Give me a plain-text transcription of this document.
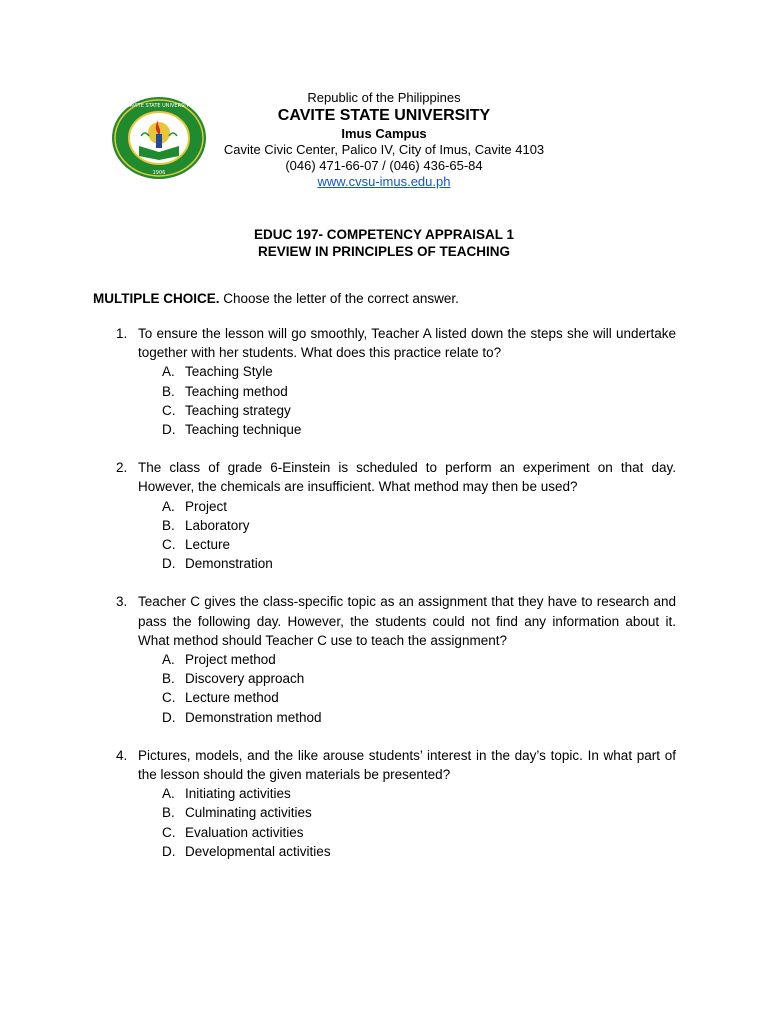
CAVITE STATE UNIVERSITY
1906
Republic of the Philippines
CAVITE STATE UNIVERSITY
Imus Campus
Cavite Civic Center, Palico IV, City of Imus, Cavite 4103
(046) 471-66-07 / (046) 436-65-84
www.cvsu-imus.edu.ph
EDUC 197- COMPETENCY APPRAISAL 1
REVIEW IN PRINCIPLES OF TEACHING
MULTIPLE CHOICE. Choose the letter of the correct answer.
1. To ensure the lesson will go smoothly, Teacher A listed down the steps she will undertake together with her students. What does this practice relate to?
A. Teaching Style
B. Teaching method
C. Teaching strategy
D. Teaching technique
2. The class of grade 6-Einstein is scheduled to perform an experiment on that day. However, the chemicals are insufficient. What method may then be used?
A. Project
B. Laboratory
C. Lecture
D. Demonstration
3. Teacher C gives the class-specific topic as an assignment that they have to research and pass the following day. However, the students could not find any information about it. What method should Teacher C use to teach the assignment?
A. Project method
B. Discovery approach
C. Lecture method
D. Demonstration method
4. Pictures, models, and the like arouse students’ interest in the day’s topic. In what part of the lesson should the given materials be presented?
A. Initiating activities
B. Culminating activities
C. Evaluation activities
D. Developmental activities
